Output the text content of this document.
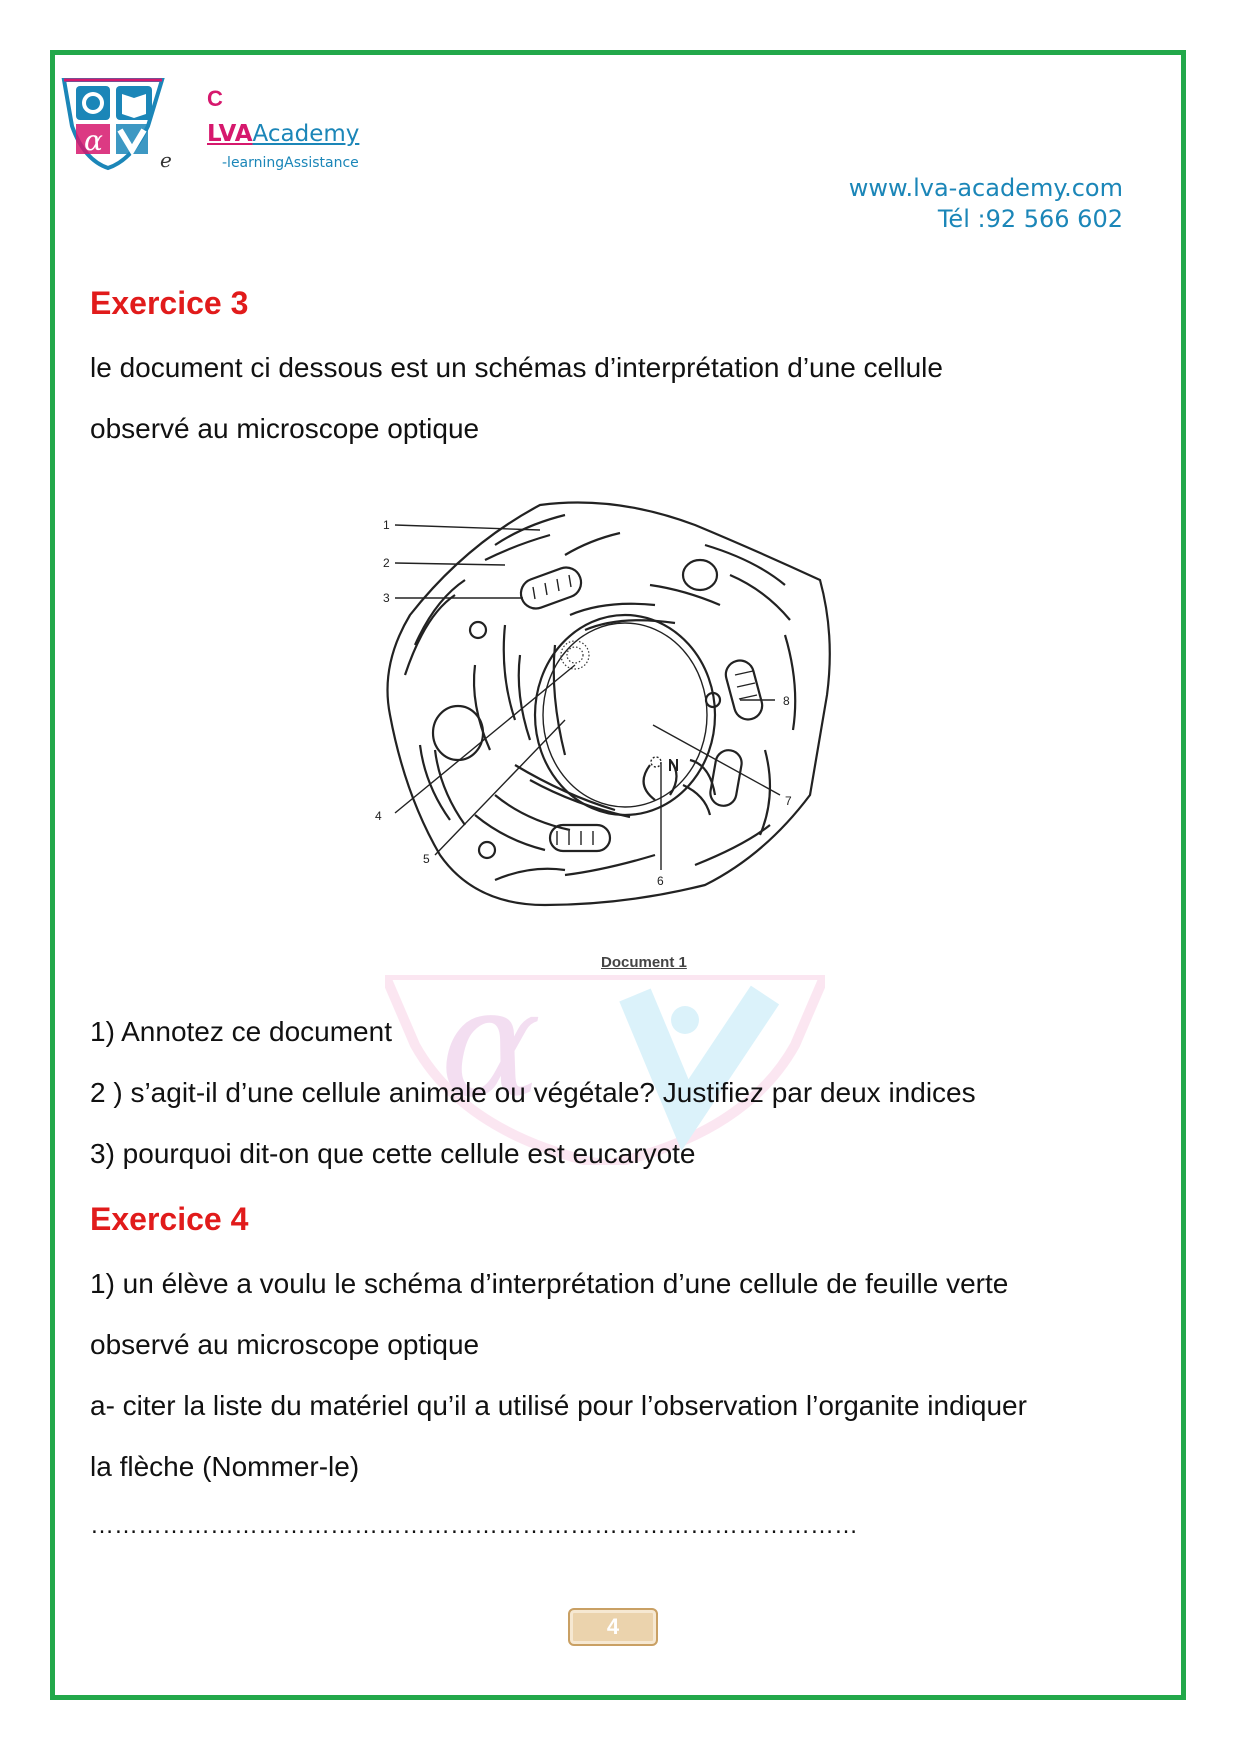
α
C
e
LVAAcademy
-learningAssistance
www.lva-academy.com
Tél :92 566 602
Exercice 3

le document ci dessous est un schémas d’interprétation d’une cellule

observé au microscope optique

1
2
3
4
5
6
7
8
Document 1
α

1) Annotez ce document

2 ) s’agit-il d’une cellule animale ou végétale? Justifiez par deux indices

3) pourquoi dit-on que cette cellule est eucaryote

Exercice 4

1) un élève a voulu le schéma d’interprétation d’une cellule de feuille verte

observé au microscope optique

a- citer la liste du matériel qu’il a utilisé pour l’observation l’organite indiquer

la flèche (Nommer-le)

……………………………………………………………………………………

4
